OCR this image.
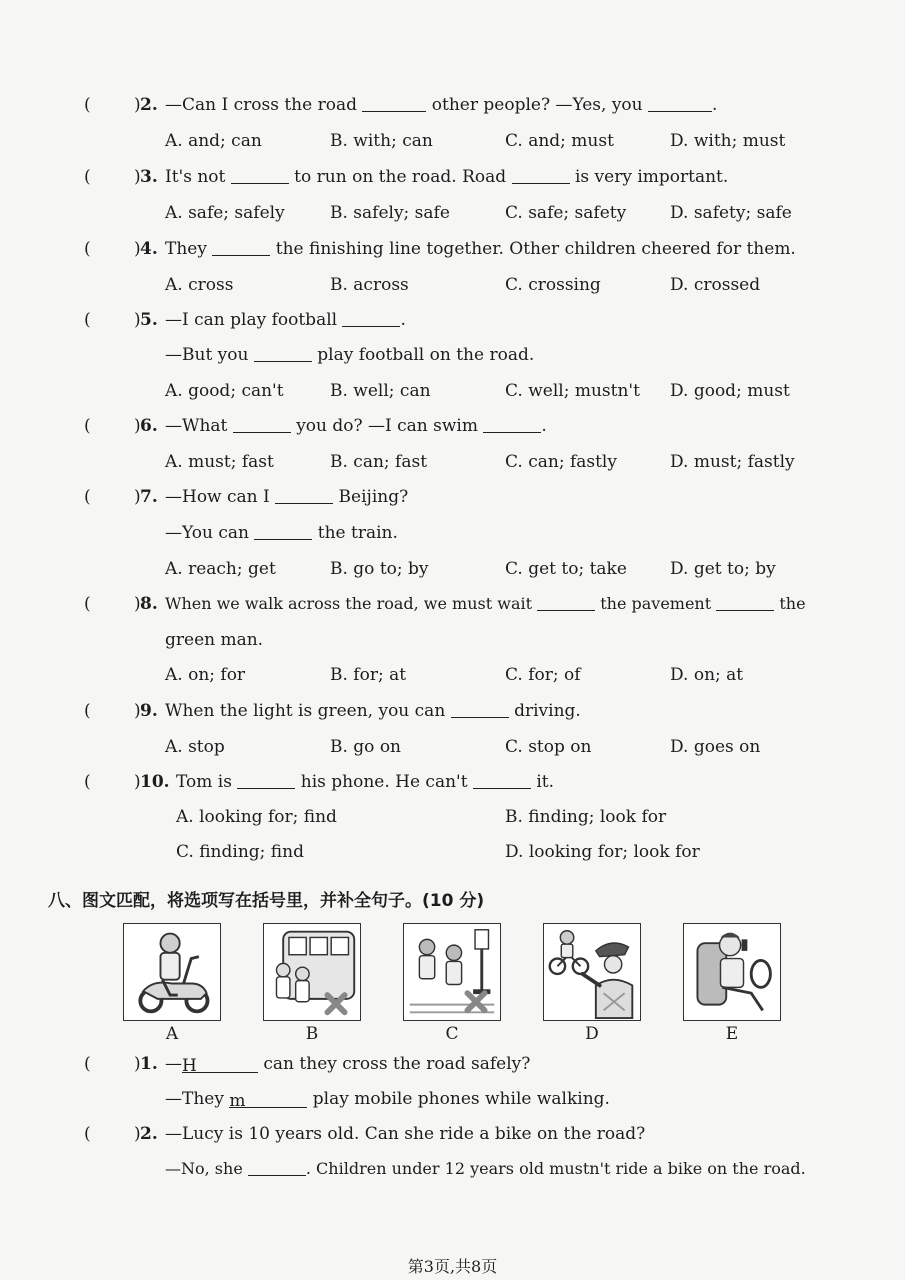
(	) 2. —Can I cross the road	other people? —Yes, you	.
A. and; can	B. with; can	C. and; must	D. with; must
(	) 3. It's not	to run on the road. Road	is very important.
A. safe; safely	B. safely; safe	C. safe; safety	D. safety; safe
(	) 4. They	the finishing line together. Other children cheered for them.
A. cross	B. across	C. crossing	D. crossed
(	) 5. —I can play football	.
—But you	play football on the road.
A. good; can't	B. well; can	C. well; mustn't D. good; must
(	) 6. —What	you do? —I can swim	.
A. must; fast	B. can; fast	C. can; fastly	D. must; fastly
(	) 7. —How can I	Beijing?
—You can	the train.
A. reach; get	B. go to; by	C. get to; take	D. get to; by
(	) 8. When we walk across the road, we must wait	the pavement	the
green man.
A. on; for	B. for; at	C. for; of	D. on; at
(	) 9. When the light is green, you can	driving.
A. stop	B. go on	C. stop on	D. goes on
(	) 10. Tom is	his phone. He can't	it.
A. looking for; find	B. finding; look for
C. finding; find	D. looking for; look for
八、图文匹配，将选项写在括号里，并补全句子。(10 分)
A	B	C	D	E
(	) 1. —H	can they cross the road safely?
—They m	play mobile phones while walking.
(	) 2. —Lucy is 10 years old. Can she ride a bike on the road?
—No, she	. Children under 12 years old mustn't ride a bike on the road.
第3页,共8页
